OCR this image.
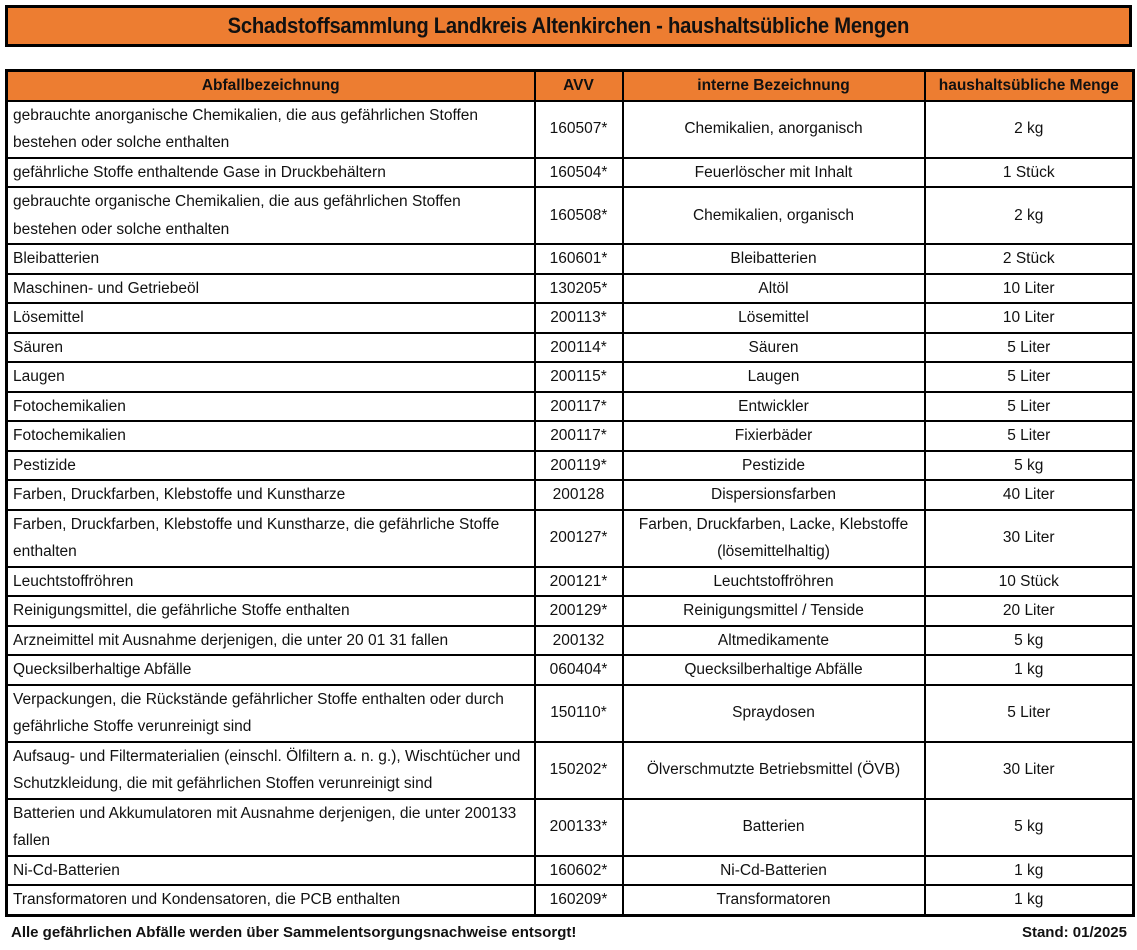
Schadstoffsammlung Landkreis Altenkirchen - haushaltsübliche Mengen
Abfallbezeichnung	AVV	interne Bezeichnung	haushaltsübliche Menge
gebrauchte anorganische Chemikalien, die aus gefährlichen Stoffen bestehen oder solche enthalten	160507*	Chemikalien, anorganisch	2 kg
gefährliche Stoffe enthaltende Gase in Druckbehältern	160504*	Feuerlöscher mit Inhalt	1 Stück
gebrauchte organische Chemikalien, die aus gefährlichen Stoffen bestehen oder solche enthalten	160508*	Chemikalien, organisch	2 kg
Bleibatterien	160601*	Bleibatterien	2 Stück
Maschinen- und Getriebeöl	130205*	Altöl	10 Liter
Lösemittel	200113*	Lösemittel	10 Liter
Säuren	200114*	Säuren	5 Liter
Laugen	200115*	Laugen	5 Liter
Fotochemikalien	200117*	Entwickler	5 Liter
Fotochemikalien	200117*	Fixierbäder	5 Liter
Pestizide	200119*	Pestizide	5 kg
Farben, Druckfarben, Klebstoffe und Kunstharze	200128	Dispersionsfarben	40 Liter
Farben, Druckfarben, Klebstoffe und Kunstharze, die gefährliche Stoffe enthalten	200127*	Farben, Druckfarben, Lacke, Klebstoffe (lösemittelhaltig)	30 Liter
Leuchtstoffröhren	200121*	Leuchtstoffröhren	10 Stück
Reinigungsmittel, die gefährliche Stoffe enthalten	200129*	Reinigungsmittel / Tenside	20 Liter
Arzneimittel mit Ausnahme derjenigen, die unter 20 01 31 fallen	200132	Altmedikamente	5 kg
Quecksilberhaltige Abfälle	060404*	Quecksilberhaltige Abfälle	1 kg
Verpackungen, die Rückstände gefährlicher Stoffe enthalten oder durch gefährliche Stoffe verunreinigt sind	150110*	Spraydosen	5 Liter
Aufsaug- und Filtermaterialien (einschl. Ölfiltern a. n. g.), Wischtücher und Schutzkleidung, die mit gefährlichen Stoffen verunreinigt sind	150202*	Ölverschmutzte Betriebsmittel (ÖVB)	30 Liter
Batterien und Akkumulatoren mit Ausnahme derjenigen, die unter 200133 fallen	200133*	Batterien	5 kg
Ni-Cd-Batterien	160602*	Ni-Cd-Batterien	1 kg
Transformatoren und Kondensatoren, die PCB enthalten	160209*	Transformatoren	1 kg
Alle gefährlichen Abfälle werden über Sammelentsorgungsnachweise entsorgt!	Stand: 01/2025
